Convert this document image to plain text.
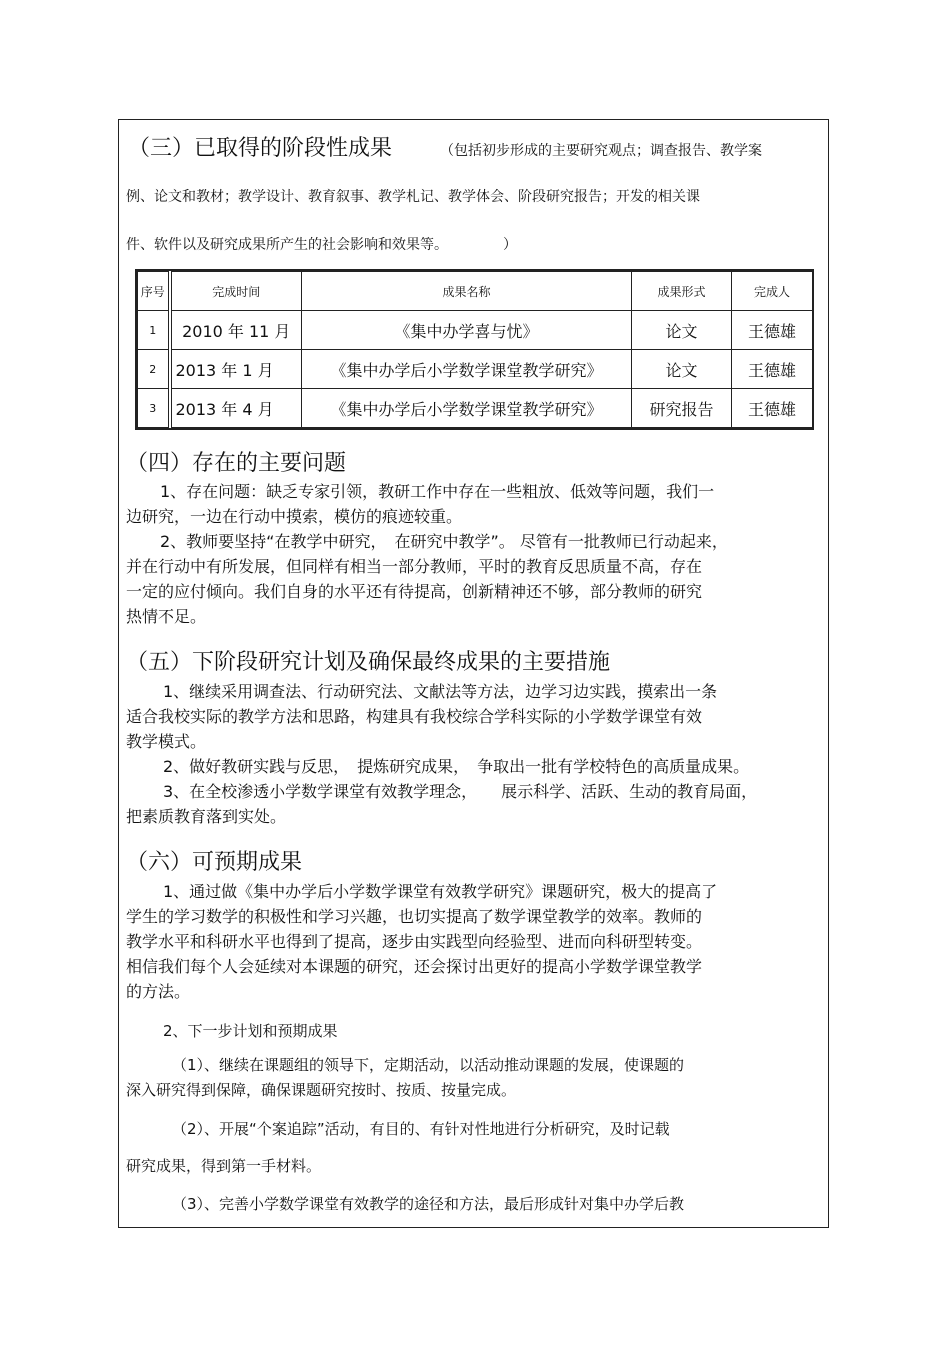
（三）已取得的阶段性成果	（包括初步形成的主要研究观点；调查报告、教学案
例、论文和教材；教学设计、教育叙事、教学札记、教学体会、阶段研究报告；开发的相关课
件、软件以及研究成果所产生的社会影响和效果等。	）
序号	完成时间	成果名称	成果形式	完成人
1	2010 年 11 月	《集中办学喜与忧》	论文	王德雄
2	2013 年 1 月	《集中办学后小学数学课堂教学研究》	论文	王德雄
3	2013 年 4 月	《集中办学后小学数学课堂教学研究》	研究报告	王德雄
（四）存在的主要问题
1、存在问题：缺乏专家引领，教研工作中存在一些粗放、低效等问题，我们一
边研究，一边在行动中摸索，模仿的痕迹较重。
2、教师要坚持“在教学中研究，　在研究中教学”。 尽管有一批教师已行动起来，
并在行动中有所发展，但同样有相当一部分教师，平时的教育反思质量不高，存在
一定的应付倾向。我们自身的水平还有待提高，创新精神还不够，部分教师的研究
热情不足。
（五）下阶段研究计划及确保最终成果的主要措施
1、继续采用调查法、行动研究法、文献法等方法，边学习边实践，摸索出一条
适合我校实际的教学方法和思路，构建具有我校综合学科实际的小学数学课堂有效
教学模式。
2、做好教研实践与反思，　提炼研究成果，　争取出一批有学校特色的高质量成果。
3、在全校渗透小学数学课堂有效教学理念，　　展示科学、活跃、生动的教育局面，
把素质教育落到实处。
（六）可预期成果
1、通过做《集中办学后小学数学课堂有效教学研究》课题研究，极大的提高了
学生的学习数学的积极性和学习兴趣，也切实提高了数学课堂教学的效率。教师的
教学水平和科研水平也得到了提高，逐步由实践型向经验型、进而向科研型转变。
相信我们每个人会延续对本课题的研究，还会探讨出更好的提高小学数学课堂教学
的方法。
2、下一步计划和预期成果
（1）、继续在课题组的领导下，定期活动，以活动推动课题的发展，使课题的
深入研究得到保障，确保课题研究按时、按质、按量完成。
（2）、开展“个案追踪”活动，有目的、有针对性地进行分析研究，及时记载
研究成果，得到第一手材料。
（3）、完善小学数学课堂有效教学的途径和方法，最后形成针对集中办学后教
